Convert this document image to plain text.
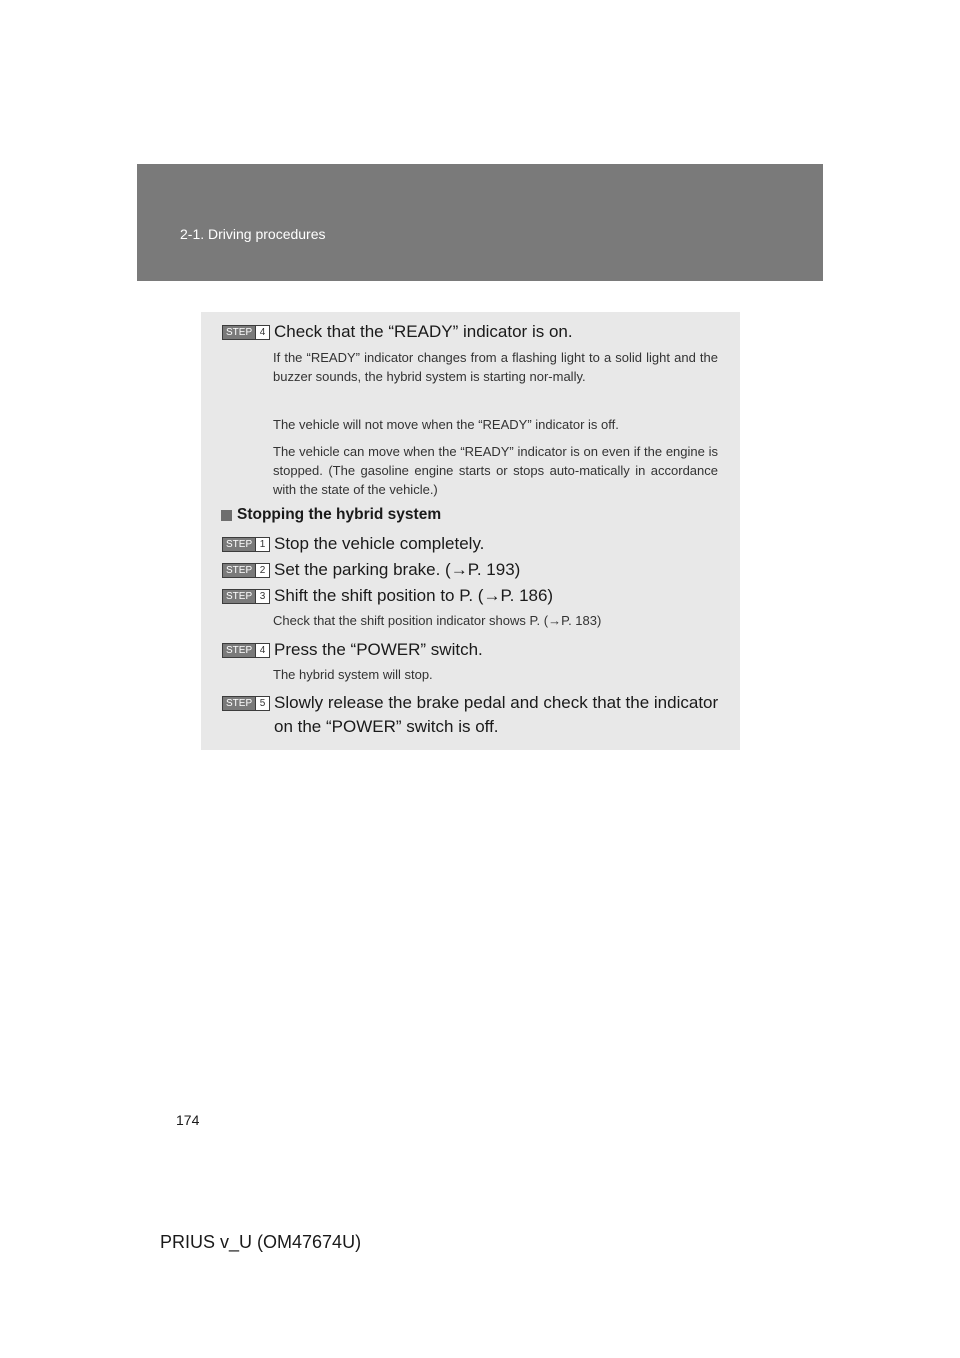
2-1. Driving procedures
STEP 4 Check that the “READY” indicator is on.
If the “READY” indicator changes from a flashing light to a solid light and the buzzer sounds, the hybrid system is starting nor-mally.
The vehicle will not move when the “READY” indicator is off.
The vehicle can move when the “READY” indicator is on even if the engine is stopped. (The gasoline engine starts or stops auto-matically in accordance with the state of the vehicle.)
Stopping the hybrid system
STEP 1 Stop the vehicle completely.
STEP 2 Set the parking brake. (→P. 193)
STEP 3 Shift the shift position to P. (→P. 186)
Check that the shift position indicator shows P. (→P. 183)
STEP 4 Press the “POWER” switch.
The hybrid system will stop.
STEP 5 Slowly release the brake pedal and check that the indicator on the “POWER” switch is off.
174
PRIUS v_U (OM47674U)
